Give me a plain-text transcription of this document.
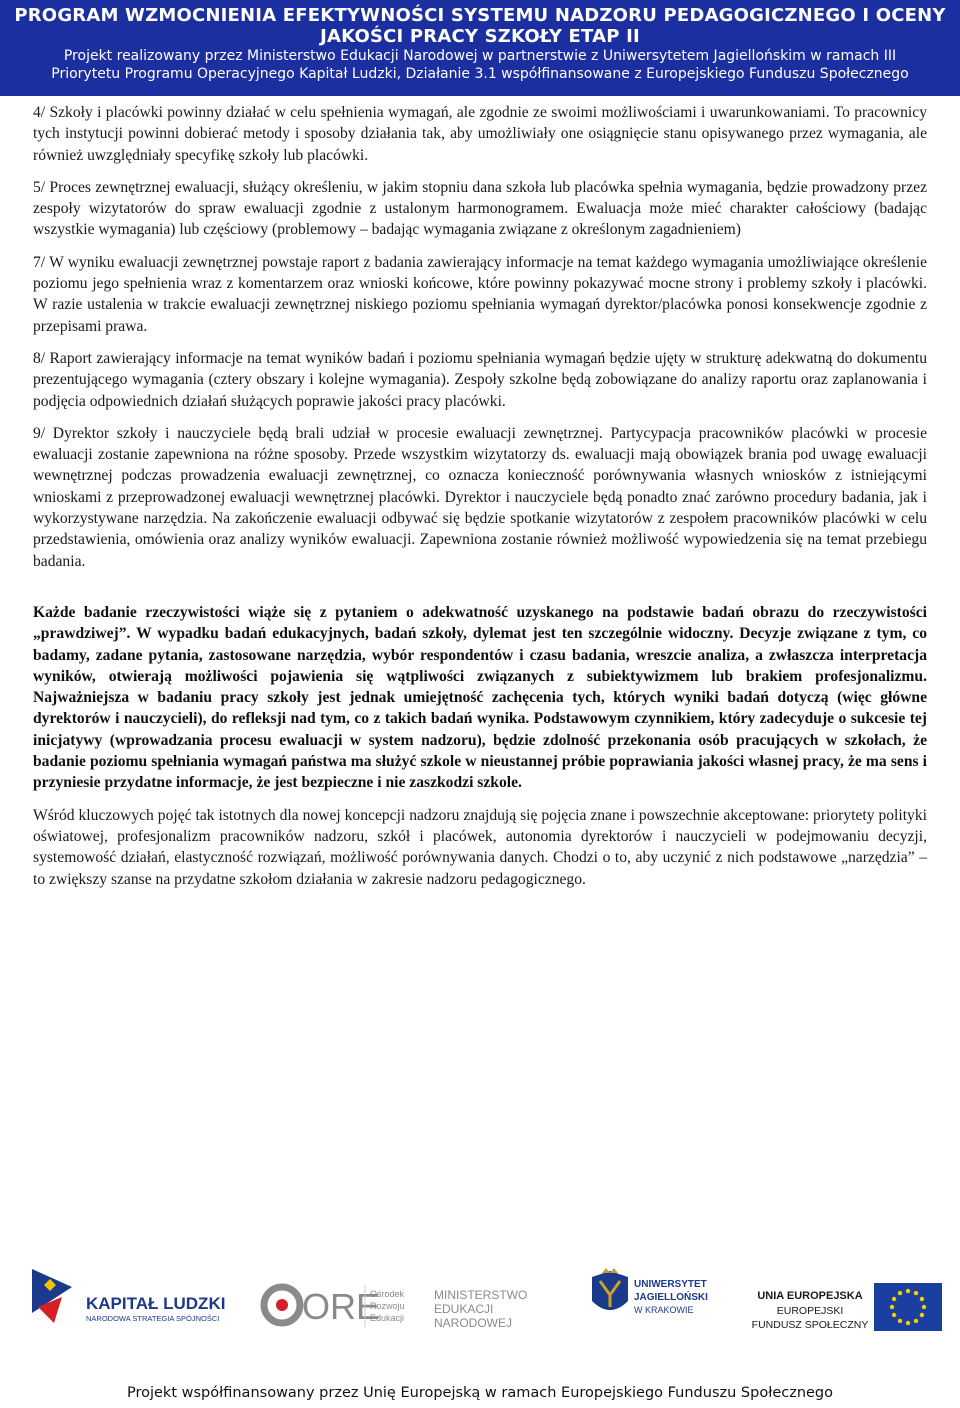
PROGRAM WZMOCNIENIA EFEKTYWNOŚCI SYSTEMU NADZORU PEDAGOGICZNEGO I OCENY
JAKOŚCI PRACY SZKOŁY ETAP II
Projekt realizowany przez Ministerstwo Edukacji Narodowej w partnerstwie z Uniwersytetem Jagiellońskim w ramach III
Priorytetu Programu Operacyjnego Kapitał Ludzki, Działanie 3.1 współfinansowane z Europejskiego Funduszu Społecznego

4/ Szkoły i placówki powinny działać w celu spełnienia wymagań, ale zgodnie ze swoimi możliwościami i uwarunkowaniami. To pracownicy tych instytucji powinni dobierać metody i sposoby działania tak, aby umożliwiały one osiągnięcie stanu opisywanego przez wymagania, ale również uwzględniały specyfikę szkoły lub placówki.

5/ Proces zewnętrznej ewaluacji, służący określeniu, w jakim stopniu dana szkoła lub placówka spełnia wymagania, będzie prowadzony przez zespoły wizytatorów do spraw ewaluacji zgodnie z ustalonym harmonogramem. Ewaluacja może mieć charakter całościowy (badając wszystkie wymagania) lub częściowy (problemowy – badając wymagania związane z określonym zagadnieniem)

7/ W wyniku ewaluacji zewnętrznej powstaje raport z badania zawierający informacje na temat każdego wymagania umożliwiające określenie poziomu jego spełnienia wraz z komentarzem oraz wnioski końcowe, które powinny pokazywać mocne strony i problemy szkoły i placówki. W razie ustalenia w trakcie ewaluacji zewnętrznej niskiego poziomu spełniania wymagań dyrektor/placówka ponosi konsekwencje zgodnie z przepisami prawa.

8/ Raport zawierający informacje na temat wyników badań i poziomu spełniania wymagań będzie ujęty w strukturę adekwatną do dokumentu prezentującego wymagania (cztery obszary i kolejne wymagania). Zespoły szkolne będą zobowiązane do analizy raportu oraz zaplanowania i podjęcia odpowiednich działań służących poprawie jakości pracy placówki.

9/ Dyrektor szkoły i nauczyciele będą brali udział w procesie ewaluacji zewnętrznej. Partycypacja pracowników placówki w procesie ewaluacji zostanie zapewniona na różne sposoby. Przede wszystkim wizytatorzy ds. ewaluacji mają obowiązek brania pod uwagę ewaluacji wewnętrznej podczas prowadzenia ewaluacji zewnętrznej, co oznacza konieczność porównywania własnych wniosków z istniejącymi wnioskami z przeprowadzonej ewaluacji wewnętrznej placówki. Dyrektor i nauczyciele będą ponadto znać zarówno procedury badania, jak i wykorzystywane narzędzia. Na zakończenie ewaluacji odbywać się będzie spotkanie wizytatorów z zespołem pracowników placówki w celu przedstawienia, omówienia oraz analizy wyników ewaluacji. Zapewniona zostanie również możliwość wypowiedzenia się na temat przebiegu badania.

Każde badanie rzeczywistości wiąże się z pytaniem o adekwatność uzyskanego na podstawie badań obrazu do rzeczywistości „prawdziwej”. W wypadku badań edukacyjnych, badań szkoły, dylemat jest ten szczególnie widoczny. Decyzje związane z tym, co badamy, zadane pytania, zastosowane narzędzia, wybór respondentów i czasu badania, wreszcie analiza, a zwłaszcza interpretacja wyników, otwierają możliwości pojawienia się wątpliwości związanych z subiektywizmem lub brakiem profesjonalizmu. Najważniejsza w badaniu pracy szkoły jest jednak umiejętność zachęcenia tych, których wyniki badań dotyczą (więc główne dyrektorów i nauczycieli), do refleksji nad tym, co z takich badań wynika. Podstawowym czynnikiem, który zadecyduje o sukcesie tej inicjatywy (wprowadzania procesu ewaluacji w system nadzoru), będzie zdolność przekonania osób pracujących w szkołach, że badanie poziomu spełniania wymagań państwa ma służyć szkole w nieustannej próbie poprawiania jakości własnej pracy, że ma sens i przyniesie przydatne informacje, że jest bezpieczne i nie zaszkodzi szkole.

Wśród kluczowych pojęć tak istotnych dla nowej koncepcji nadzoru znajdują się pojęcia znane i powszechnie akceptowane: priorytety polityki oświatowej, profesjonalizm pracowników nadzoru, szkół i placówek, autonomia dyrektorów i nauczycieli w podejmowaniu decyzji, systemowość działań, elastyczność rozwiązań, możliwość porównywania danych. Chodzi o to, aby uczynić z nich podstawowe „narzędzia” – to zwiększy szanse na przydatne szkołom działania w zakresie nadzoru pedagogicznego.

KAPITAŁ LUDZKI
NARODOWA STRATEGIA SPÓJNOŚCI ORE
Ośrodek
Rozwoju
Edukacji
MINISTERSTWO
EDUKACJI
NARODOWEJ
UNIWERSYTET
JAGIELLOŃSKI
W KRAKOWIE
UNIA EUROPEJSKA
EUROPEJSKI
FUNDUSZ SPOŁECZNY
Projekt współfinansowany przez Unię Europejską w ramach Europejskiego Funduszu Społecznego
